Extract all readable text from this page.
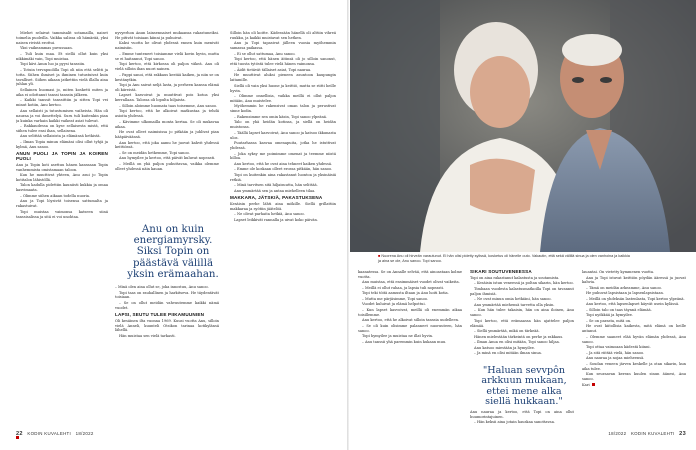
Miehet selaivat tammisalit sotamailla, naiset toimelia puoleilla. Vaikka salissa oli hämärää, yksi naisen rivistä erottui.

Yksi vaikeammas puvussaan.

– Tuli kuin maa. Et siellä ollut kuin yksi nikkimäki vain, Topi muistaa.

Topi kävi Anun luo ja pyysi tanssiin.

– Totuin tervapuolilla Topi oli niin että selitti ja totta. Siihen ihmiset ja ihminen tutustuivat kuin tavalliset. Siihen aikaan jatkettiin vielä illalla aina juhlan yli.

Sellainen huomasi jo, miten kosketti miten ja aika ei odottanut tanssi tanssin jälkeen.

– Kaikki tanssit tanssittiin ja sitten Topi vei minut kotiin, Anu kertoo.

Anu sellaisti ja tutustumisen vaiheista. Hän oli nauraa ja voi ihmettelyä. Suru tuli kuitenkin pian ja kuinka varhain kaikki vaikeat asiat tulevat.

– Rakkaudessa on kyse sellaisesta mistä, että siihen tulee ensi ihan, sellaisena.

Anu selittää sellaisista ja elämänsä hetkistä.

– Ilman Topia minun elämäni olisi ollut tyhjä ja kylmä, Anu sanoo.

ANUN PUOLI JA TOPIN JA KOIREN PUOLI

Anu ja Topin koti asettuu hänen kanssaan Topin vanhemmista omistamaan taloon.

Kun he muuttivat yhteen, Anu asui jo Topin kotitalon lähistöllä.

Talon kadulla pidettiin kauniisti kukkia ja omaa kasvimaata.

– Olimme siihen aikaan todella nuoria.

Anu ja Topi löysivät toisensa sattumalta ja rakastuivat.

Topi muistaa vaimonsa katseen siinä tanssisalissa ja sitä ei voi unohtaa.

nyvyerhon Anun lainsennaiset mukaansa rakastuneiksi. He pitivät toisiaan kiinni ja puhuivat.

Kaksi vuotta he olivat yhdessä ennen kuin menivät naimisiin.

– Emme tunteneet toisiamme vielä kovin hyvin, mutta se ei haitannut, Topi sanoo.

Topi kertoo, että kirkossa oli paljon väkeä. Anu oli vielä silloin ihan nuori nainen.

– Pappi sanoi, että rakkaus kestää kaiken, ja niin se on kestänytkin.

Topi ja Anu saivat neljä lasta, ja perheen kanssa elämä oli kiireistä.

Lapset kasvoivat ja muuttivat pois kotoa yksi kerrallaan. Talossa oli lopulta hiljaista.

– Silloin aloimme huomata taas toisemme, Anu sanoo.

Topi kertoo, että he alkoivat matkustaa ja tehdä asioita yhdessä.

– Kävimme ulkomailla monta kertaa. Se oli mukavaa aikaa.

He ovat olleet naimisissa jo pitkään ja juhlivat pian hääpäiväänsä.

Anu kertoo, että joka aamu he juovat kahvit yhdessä keittiössä.

– Se on meidän hetkemme, Topi sanoo.

Anu hymyilee ja kertoo, että päivät kuluvat nopeasti.

– Meillä on yhä paljon puhuttavaa, vaikka olemme olleet yhdessä näin kauan.

Anu on kuin
energiamyrsky.
Siksi Topin on
päästävä välillä
yksin erämaahan.

– Minä olen aina ollut se, joka innostuu, Anu sanoo.

Topi taas on rauhallinen ja harkitseva. He täydentävät toisiaan.

– Se on ollut meidän vahvuutemme kaikki nämä vuodet.

LAPSI, SEUTU TULEE PIIKAMUUNIEN

Oli kesäinen ilta vuonna 1969. Kuusi vuotta Anu, silloin vielä Anneli, kuunteli Otsikon tarinaa kotikylänsä lähellä.

Hän muistaa sen vielä tarkasti.

Silloin hän oli koitte. Kädessään hänellä oli alttiin vihreä ruukku, ja kaikki muistavat sen hetken.

Anu ja Topi tapasivat jälleen vuosia myöhemmin samassa paikassa.

– Ei se ollut sattumaa, Anu sanoo.

Topi kertoo, että hänen äitinsä oli jo silloin sanonut, että tuosta tytöstä tulee vielä hänen vaimonsa.

– Äidit tietävät tällaiset asiat, Topi nauraa.

He muuttivat aluksi pieneen asuntoon kaupungin laitamille.

Siellä oli vain yksi huone ja keittiö, mutta se riitti heille hyvin.

– Olimme onnellisia, vaikka meillä ei ollut paljon mitään, Anu muistelee.

Myöhemmin he rakensivat oman talon ja perustivat sinne kodin.

– Rakensimme sen omin käsin, Topi sanoo ylpeänä.

Talo on yhä heidän kotinsa, ja siellä on heidän muistonsa.

– Täällä lapset kasvoivat, Anu sanoo ja katsoo ikkunasta ulos.

Puutarhassa kasvaa omenapuita, jotka he istuttivat yhdessä.

– Joka syksy me poimimme omenat ja teemme niistä hilloa.

Anu kertoo, että he ovat aina tehneet kaiken yhdessä.

– Emme ole koskaan olleet erossa pitkään, hän sanoo.

Topi on kuitenkin aina rakastanut luontoa ja yksinäisiä retkiä.

– Minä tarvitsen sitä hiljaisuutta, hän selittää.

Anu ymmärtää sen ja antaa miehelleen tilaa.

MAKKARA, JÄTSKIÄ, PAKASTUKSENA

Kesäisin perhe lähti aina mökille. Siellä grillattiin makkaraa ja syötiin jäätelöä.

– Ne olivat parhaita hetkiä, Anu sanoo.

Lapset leikkivät rannalla ja uivat koko päivän.

22 KODIN KUVALEHTI 18/2022
■ Nuorena Anu oli hirveän varautunut. Ei hän olisi pidetty sylissä, kosketus oli hänelle outo. Vakautin, että sekä välillä sinua ja olen vanhoina ja kaikkia ja aina se ole, Anu sanoo. Topi sanoo.

kaanatessa. Se on Annalle selvää, että ainoastaan kolme vuotta.

Anu muistaa, että ensimmäiset vuodet olivat vaikeita.

– Meillä ei ollut rahaa, ja lapsia tuli nopeasti.

Topi teki töitä aamusta iltaan ja Anu hoiti kotia.

– Mutta me pärjäsimme, Topi sanoo.

Vuodet kuluivat ja elämä helpottui.

– Kun lapset kasvoivat, meillä oli enemmän aikaa toisillemme.

Anu kertoo, että he alkoivat silloin tanssia uudelleen.

– Se oli kuin olisimme palanneet nuoruuteen, hän sanoo.

Topi hymyilee ja muistaa ne illat hyvin.

– Anu tanssii yhä paremmin kuin kukaan muu.

SIKARI SOUTUVENEESSÄ

Topi on aina rakastanut kalastusta ja soutamista.

– Kesäisin istun veneessä ja poltan sikarin, hän kertoo.

Timbaan vuodesta kalastusmatkoilla Topi on tavannut paljon ihmisiä.

– Ne ovat minun omia hetkiäni, hän sanoo.

Anu ymmärtää miehensä tarvetta olla yksin.

– Kun hän tulee takaisin, hän on aina iloinen, Anu sanoo.

Topi kertoo, että erämaassa hän ajattelee paljon elämää.

– Siellä ymmärtää, mikä on tärkeää.

Hänen mielestään tärkeintä on perhe ja rakkaus.

– Ilman Anua en olisi mitään, Topi sanoo hiljaa.

Anu katsoo miestään ja hymyilee.

– Ja minä en olisi mitään ilman sinua.

"Haluan sevvpôn
arkkuun mukaan,
ettei mene alka
siellä hukkaan."

Anu nauraa ja kertoo, että Topi on aina ollut huumorintajuinen.

– Hän keksii aina jotain hauskaa sanottavaa.

lauantai. On vietetty kymmenen vuotta.

Anu ja Topi istuvat keittiön pöydän ääressä ja juovat kahvia.

– Tämä on meidän arkeamme, Anu sanoo.

He puhuvat lapsistaan ja lapsenlapsistaan.

– Meillä on yhdeksän lastenlasta, Topi kertoo ylpeänä.

Anu kertoo, että lapsenlapset käyvät usein kylässä.

– Silloin talo on taas täynnä elämää.

Topi nyökkää ja hymyilee.

– Se on parasta, mitä on.

He ovat kiitollisia kaikesta, mitä elämä on heille antanut.

– Olemme saaneet elää hyvän elämän yhdessä, Anu sanoo.

Topi ottaa vaimoaan kädestä kiinni.

– Ja sitä riittää vielä, hän sanoo.

Anu nauraa ja nojaa mieheensä.

– Soudan veneen järven keskelle ja otan sikarin, kun aika tulee.

Kun seuraavan kerran kuulen sinun äänesi, Anu sanoo.

Kari

18/2022 KODIN KUVALEHTI 23
